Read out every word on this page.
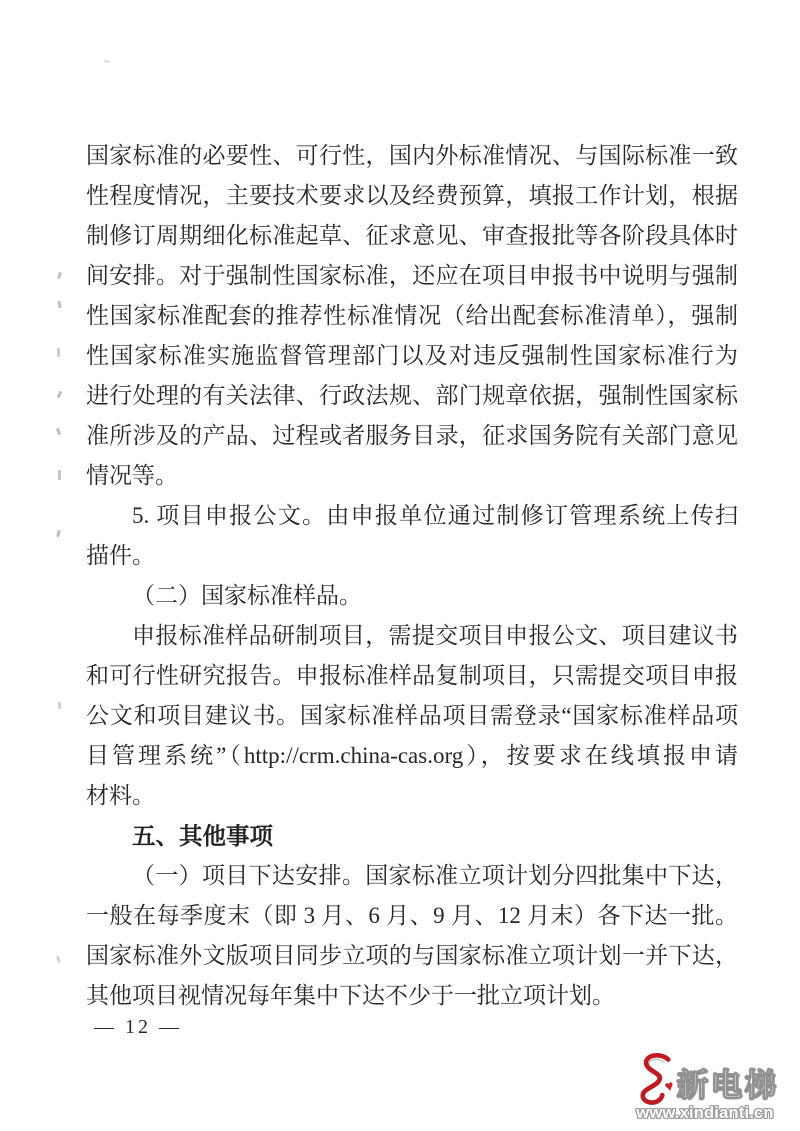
国家标准的必要性、可行性，国内外标准情况、与国际标准一致
性程度情况，主要技术要求以及经费预算，填报工作计划，根据
制修订周期细化标准起草、征求意见、审查报批等各阶段具体时
间安排。对于强制性国家标准，还应在项目申报书中说明与强制
性国家标准配套的推荐性标准情况（给出配套标准清单），强制
性国家标准实施监督管理部门以及对违反强制性国家标准行为
进行处理的有关法律、行政法规、部门规章依据，强制性国家标
准所涉及的产品、过程或者服务目录，征求国务院有关部门意见
情况等。
5. 项目申报公文。由申报单位通过制修订管理系统上传扫
描件。
（二）国家标准样品。
申报标准样品研制项目，需提交项目申报公文、项目建议书
和可行性研究报告。申报标准样品复制项目，只需提交项目申报
公文和项目建议书。国家标准样品项目需登录“国家标准样品项
目管理系统”（http://crm.china-cas.org），按要求在线填报申请
材料。
五、其他事项
（一）项目下达安排。国家标准立项计划分四批集中下达，
一般在每季度末（即 3 月、6 月、9 月、12 月末）各下达一批。
国家标准外文版项目同步立项的与国家标准立项计划一并下达，
其他项目视情况每年集中下达不少于一批立项计划。
— 12 —
♥ 新电梯
www.xindianti.cn
